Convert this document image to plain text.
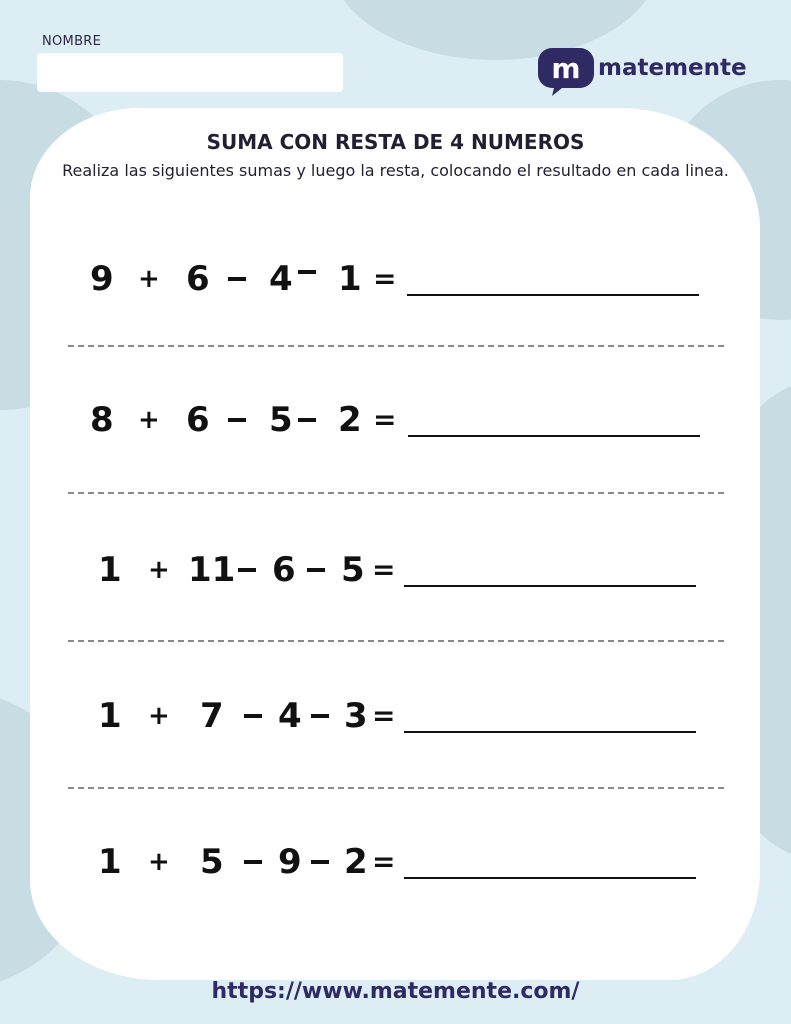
NOMBRE
m matemente
SUMA CON RESTA DE 4 NUMEROS
Realiza las siguientes sumas y luego la resta, colocando el resultado en cada linea.
9 + 6 4 1 =
8 + 6 5 2 =
1 + 11 6 5 =
1 + 7 4 3 =
1 + 5 9 2 =
https://www.matemente.com/
